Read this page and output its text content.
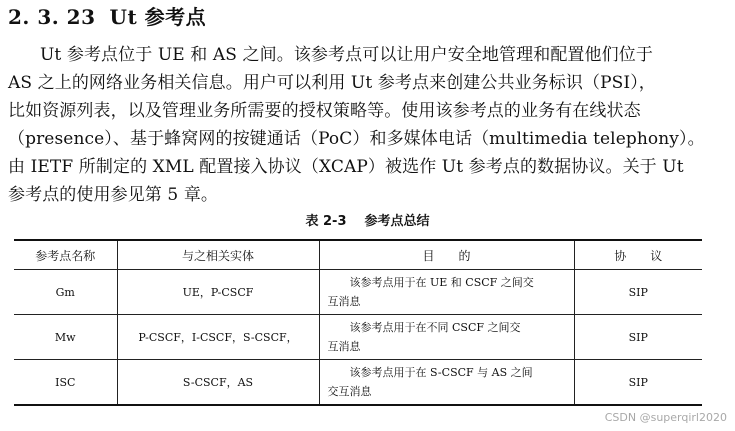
2. 3. 23 Ut 参考点
Ut 参考点位于 UE 和 AS 之间。该参考点可以让用户安全地管理和配置他们位于
AS 之上的网络业务相关信息。用户可以利用 Ut 参考点来创建公共业务标识（PSI），
比如资源列表，以及管理业务所需要的授权策略等。使用该参考点的业务有在线状态
（presence）、基于蜂窝网的按键通话（PoC）和多媒体电话（multimedia telephony）。
由 IETF 所制定的 XML 配置接入协议（XCAP）被选作 Ut 参考点的数据协议。关于 Ut
参考点的使用参见第 5 章。
表 2-3 参考点总结
参考点名称	与之相关实体	目　　的	协　　议
Gm	UE，P-CSCF	该参考点用于在 UE 和 CSCF 之间交
互消息	SIP
Mw	P-CSCF，I-CSCF，S-CSCF，	该参考点用于在不同 CSCF 之间交
互消息	SIP
ISC	S-CSCF，AS	该参考点用于在 S-CSCF 与 AS 之间
交互消息	SIP
CSDN @superqirl2020
